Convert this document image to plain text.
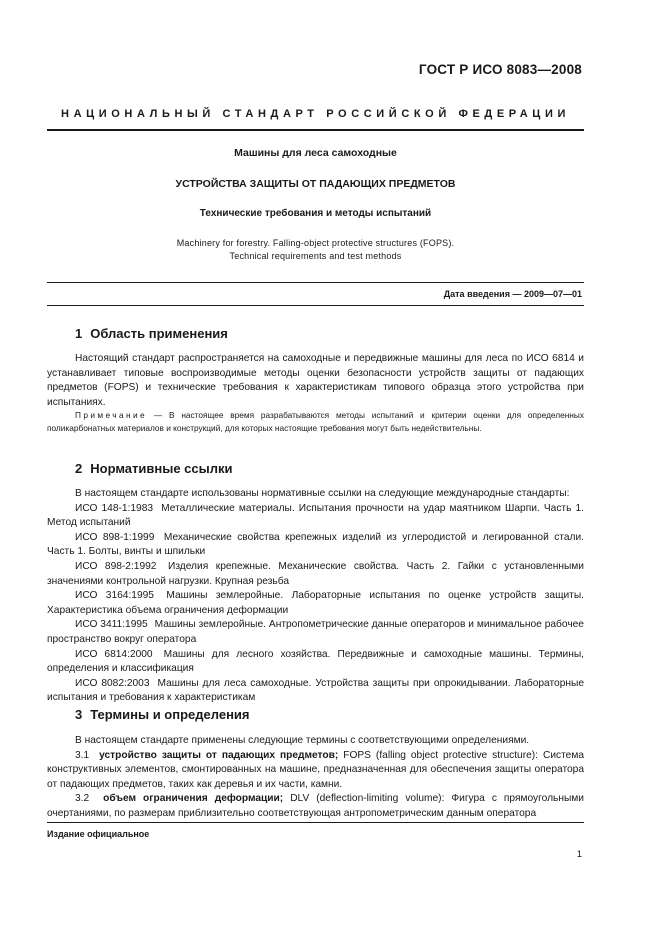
ГОСТ Р ИСО 8083—2008
НАЦИОНАЛЬНЫЙ СТАНДАРТ РОССИЙСКОЙ ФЕДЕРАЦИИ
Машины для леса самоходные
УСТРОЙСТВА ЗАЩИТЫ ОТ ПАДАЮЩИХ ПРЕДМЕТОВ
Технические требования и методы испытаний
Machinery for forestry. Falling-object protective structures (FOPS).
Technical requirements and test methods
Дата введения — 2009—07—01
1 Область применения

Настоящий стандарт распространяется на самоходные и передвижные машины для леса по ИСО 6814 и устанавливает типовые воспроизводимые методы оценки безопасности устройств защиты от падающих предметов (FOPS) и технические требования к характеристикам типового образца этого устройства при испытаниях.

Примечание — В настоящее время разрабатываются методы испытаний и критерии оценки для определенных поликарбонатных материалов и конструкций, для которых настоящие требования могут быть недействительны.
2 Нормативные ссылки

В настоящем стандарте использованы нормативные ссылки на следующие международные стандарты:

ИСО 148-1:1983 Металлические материалы. Испытания прочности на удар маятником Шарпи. Часть 1. Метод испытаний

ИСО 898-1:1999 Механические свойства крепежных изделий из углеродистой и легированной стали. Часть 1. Болты, винты и шпильки

ИСО 898-2:1992 Изделия крепежные. Механические свойства. Часть 2. Гайки с установленными значениями контрольной нагрузки. Крупная резьба

ИСО 3164:1995 Машины землеройные. Лабораторные испытания по оценке устройств защиты. Характеристика объема ограничения деформации

ИСО 3411:1995 Машины землеройные. Антропометрические данные операторов и минимальное рабочее пространство вокруг оператора

ИСО 6814:2000 Машины для лесного хозяйства. Передвижные и самоходные машины. Термины, определения и классификация

ИСО 8082:2003 Машины для леса самоходные. Устройства защиты при опрокидывании. Лабораторные испытания и требования к характеристикам

3 Термины и определения

В настоящем стандарте применены следующие термины с соответствующими определениями.

3.1 устройство защиты от падающих предметов; FOPS (falling object protective structure): Система конструктивных элементов, смонтированных на машине, предназначенная для обеспечения защиты оператора от падающих предметов, таких как деревья и их части, камни.

3.2 объем ограничения деформации; DLV (deflection-limiting volume): Фигура с прямоугольными очертаниями, по размерам приблизительно соответствующая антропометрическим данным оператора

Издание официальное
1
